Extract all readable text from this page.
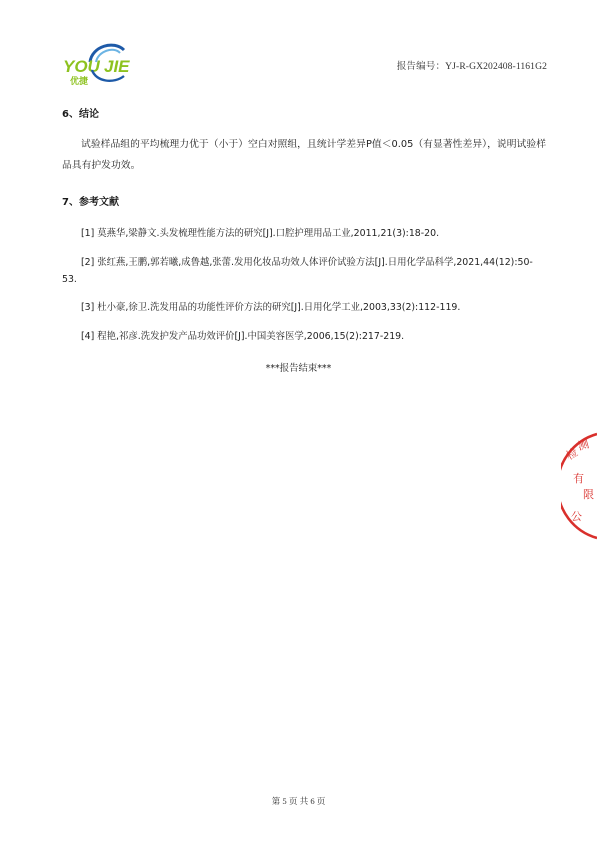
YOU JIE
优捷
报告编号：YJ-R-GX202408-1161G2
6、结论
试验样品组的平均梳理力优于（小于）空白对照组，且统计学差异P值＜0.05（有显著性差异），说明试验样品具有护发功效。
7、参考文献
[1] 莫燕华,梁静文.头发梳理性能方法的研究[J].口腔护理用品工业,2011,21(3):18-20.
[2] 张红燕,王鹏,郭若曦,成鲁越,张蕾.发用化妆品功效人体评价试验方法[J].日用化学品科学,2021,44(12):50-53.
[3] 杜小豪,徐卫.洗发用品的功能性评价方法的研究[J].日用化学工业,2003,33(2):112-119.
[4] 程艳,祁彦.洗发护发产品功效评价[J].中国美容医学,2006,15(2):217-219.
***报告结束***
检
测
有
限
公
第 5 页 共 6 页
